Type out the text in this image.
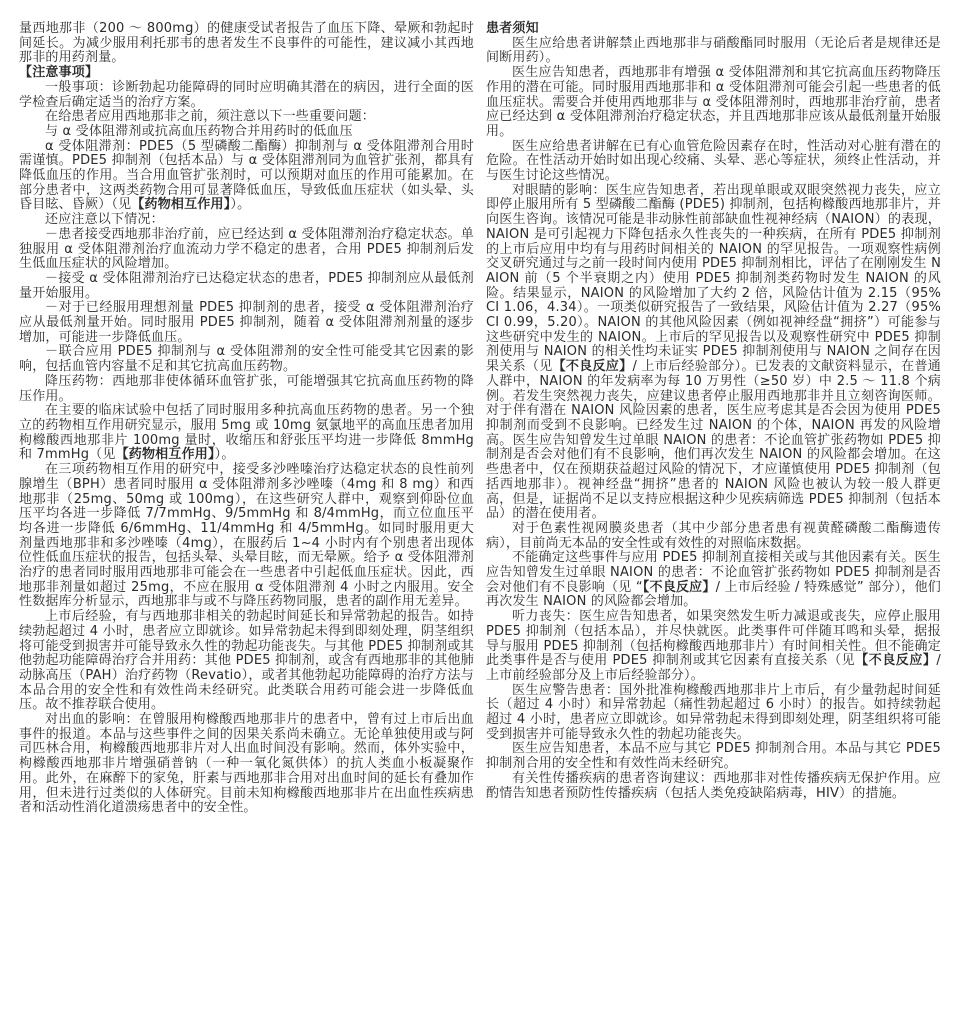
量西地那非（200 ～ 800mg）的健康受试者报告了血压下降、晕厥和勃起时间延长。为减少服用利托那韦的患者发生不良事件的可能性，建议减小其西地那非的用药剂量。

【注意事项】

一般事项：诊断勃起功能障碍的同时应明确其潜在的病因，进行全面的医学检查后确定适当的治疗方案。

在给患者应用西地那非之前，须注意以下一些重要问题：

与 α 受体阻滞剂或抗高血压药物合并用药时的低血压

α 受体阻滞剂：PDE5（5 型磷酸二酯酶）抑制剂与 α 受体阻滞剂合用时需谨慎。PDE5 抑制剂（包括本品）与 α 受体阻滞剂同为血管扩张剂，都具有降低血压的作用。当合用血管扩张剂时，可以预期对血压的作用可能累加。在部分患者中，这两类药物合用可显著降低血压，导致低血压症状（如头晕、头昏目眩、昏厥）（见【药物相互作用】）。

还应注意以下情况：

－患者接受西地那非治疗前，应已经达到 α 受体阻滞剂治疗稳定状态。单独服用 α 受体阻滞剂治疗血流动力学不稳定的患者，合用 PDE5 抑制剂后发生低血压症状的风险增加。

－接受 α 受体阻滞剂治疗已达稳定状态的患者，PDE5 抑制剂应从最低剂量开始服用。

－对于已经服用理想剂量 PDE5 抑制剂的患者，接受 α 受体阻滞剂治疗应从最低剂量开始。同时服用 PDE5 抑制剂，随着 α 受体阻滞剂剂量的逐步增加，可能进一步降低血压。

－联合应用 PDE5 抑制剂与 α 受体阻滞剂的安全性可能受其它因素的影响，包括血管内容量不足和其它抗高血压药物。

降压药物：西地那非使体循环血管扩张，可能增强其它抗高血压药物的降压作用。

在主要的临床试验中包括了同时服用多种抗高血压药物的患者。另一个独立的药物相互作用研究显示，服用 5mg 或 10mg 氨氯地平的高血压患者加用枸橼酸西地那非片 100mg 量时，收缩压和舒张压平均进一步降低 8mmHg 和 7mmHg（见【药物相互作用】）。

在三项药物相互作用的研究中，接受多沙唑嗪治疗达稳定状态的良性前列腺增生（BPH）患者同时服用 α 受体阻滞剂多沙唑嗪（4mg 和 8 mg）和西地那非（25mg、50mg 或 100mg），在这些研究人群中，观察到仰卧位血压平均各进一步降低 7/7mmHg、9/5mmHg 和 8/4mmHg，而立位血压平均各进一步降低 6/6mmHg、11/4mmHg 和 4/5mmHg。如同时服用更大剂量西地那非和多沙唑嗪（4mg），在服药后 1~4 小时内有个别患者出现体位性低血压症状的报告，包括头晕、头晕目眩，而无晕厥。给予 α 受体阻滞剂治疗的患者同时服用西地那非可能会在一些患者中引起低血压症状。因此，西地那非剂量如超过 25mg，不应在服用 α 受体阻滞剂 4 小时之内服用。安全性数据库分析显示，西地那非与或不与降压药物同服，患者的副作用无差异。

上市后经验，有与西地那非相关的勃起时间延长和异常勃起的报告。如持续勃起超过 4 小时，患者应立即就诊。如异常勃起未得到即刻处理，阴茎组织将可能受到损害并可能导致永久性的勃起功能丧失。与其他 PDE5 抑制剂或其他勃起功能障碍治疗合并用药：其他 PDE5 抑制剂，或含有西地那非的其他肺动脉高压（PAH）治疗药物（Revatio），或者其他勃起功能障碍的治疗方法与本品合用的安全性和有效性尚未经研究。此类联合用药可能会进一步降低血压。故不推荐联合使用。

对出血的影响：在曾服用枸橼酸西地那非片的患者中，曾有过上市后出血事件的报道。本品与这些事件之间的因果关系尚未确立。无论单独使用或与阿司匹林合用，枸橼酸西地那非片对人出血时间没有影响。然而，体外实验中，枸橼酸西地那非片增强硝普钠（一种一氧化氮供体）的抗人类血小板凝聚作用。此外，在麻醉下的家兔，肝素与西地那非合用对出血时间的延长有叠加作用，但未进行过类似的人体研究。目前未知枸橼酸西地那非片在出血性疾病患者和活动性消化道溃疡患者中的安全性。

患者须知

医生应给患者讲解禁止西地那非与硝酸酯同时服用（无论后者是规律还是间断用药）。

医生应告知患者，西地那非有增强 α 受体阻滞剂和其它抗高血压药物降压作用的潜在可能。同时服用西地那非和 α 受体阻滞剂可能会引起一些患者的低血压症状。需要合并使用西地那非与 α 受体阻滞剂时，西地那非治疗前，患者应已经达到 α 受体阻滞剂治疗稳定状态，并且西地那非应该从最低剂量开始服用。

医生应给患者讲解在已有心血管危险因素存在时，性活动对心脏有潜在的危险。在性活动开始时如出现心绞痛、头晕、恶心等症状，须终止性活动，并与医生讨论这些情况。

对眼睛的影响：医生应告知患者，若出现单眼或双眼突然视力丧失，应立即停止服用所有 5 型磷酸二酯酶 (PDE5) 抑制剂，包括枸橼酸西地那非片，并向医生咨询。该情况可能是非动脉性前部缺血性视神经病（NAION）的表现，NAION 是可引起视力下降包括永久性丧失的一种疾病，在所有 PDE5 抑制剂的上市后应用中均有与用药时间相关的 NAION 的罕见报告。一项观察性病例交叉研究通过与之前一段时间内使用 PDE5 抑制剂相比，评估了在刚刚发生 NAION 前（5 个半衰期之内）使用 PDE5 抑制剂类药物时发生 NAION 的风险。结果显示，NAION 的风险增加了大约 2 倍，风险估计值为 2.15（95% CI 1.06，4.34）。一项类似研究报告了一致结果，风险估计值为 2.27（95% CI 0.99，5.20）。NAION 的其他风险因素（例如视神经盘“拥挤”）可能参与这些研究中发生的 NAION。上市后的罕见报告以及观察性研究中 PDE5 抑制剂使用与 NAION 的相关性均未证实 PDE5 抑制剂使用与 NAION 之间存在因果关系（见【不良反应】/ 上市后经验部分）。已发表的文献资料显示，在普通人群中，NAION 的年发病率为每 10 万男性（≥50 岁）中 2.5 ～ 11.8 个病例。若发生突然视力丧失，应建议患者停止服用西地那非并且立刻咨询医师。对于伴有潜在 NAION 风险因素的患者，医生应考虑其是否会因为使用 PDE5 抑制剂而受到不良影响。已经发生过 NAION 的个体，NAION 再发的风险增高。医生应告知曾发生过单眼 NAION 的患者：不论血管扩张药物如 PDE5 抑制剂是否会对他们有不良影响，他们再次发生 NAION 的风险都会增加。在这些患者中，仅在预期获益超过风险的情况下，才应谨慎使用 PDE5 抑制剂（包括西地那非）。视神经盘“拥挤”患者的 NAION 风险也被认为较一般人群更高，但是，证据尚不足以支持应根据这种少见疾病筛选 PDE5 抑制剂（包括本品）的潜在使用者。

对于色素性视网膜炎患者（其中少部分患者患有视黄醛磷酸二酯酶遗传病），目前尚无本品的安全性或有效性的对照临床数据。

不能确定这些事件与应用 PDE5 抑制剂直接相关或与其他因素有关。医生应告知曾发生过单眼 NAION 的患者：不论血管扩张药物如 PDE5 抑制剂是否会对他们有不良影响（见 “【不良反应】/ 上市后经验 / 特殊感觉” 部分），他们再次发生 NAION 的风险都会增加。

听力丧失：医生应告知患者，如果突然发生听力减退或丧失，应停止服用 PDE5 抑制剂（包括本品），并尽快就医。此类事件可伴随耳鸣和头晕，据报导与服用 PDE5 抑制剂（包括枸橼酸西地那非片）有时间相关性。但不能确定此类事件是否与使用 PDE5 抑制剂或其它因素有直接关系（见【不良反应】/ 上市前经验部分及上市后经验部分）。

医生应警告患者：国外批准枸橼酸西地那非片上市后，有少量勃起时间延长（超过 4 小时）和异常勃起（痛性勃起超过 6 小时）的报告。如持续勃起超过 4 小时，患者应立即就诊。如异常勃起未得到即刻处理，阴茎组织将可能受到损害并可能导致永久性的勃起功能丧失。

医生应告知患者，本品不应与其它 PDE5 抑制剂合用。本品与其它 PDE5 抑制剂合用的安全性和有效性尚未经研究。

有关性传播疾病的患者咨询建议：西地那非对性传播疾病无保护作用。应酌情告知患者预防性传播疾病（包括人类免疫缺陷病毒，HIV）的措施。
